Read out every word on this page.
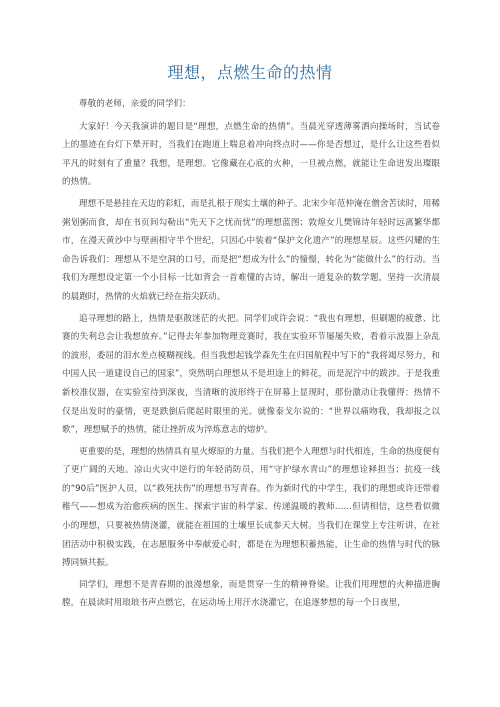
理想，点燃生命的热情

尊敬的老师，亲爱的同学们：

大家好！今天我演讲的题目是“理想，点燃生命的热情”。当晨光穿透薄雾洒向操场时，当试卷上的墨迹在台灯下晕开时，当我们在跑道上喘息着冲向终点时——你是否想过，是什么让这些看似平凡的时刻有了重量？我想，是理想。它像藏在心底的火种，一旦被点燃，就能让生命迸发出璨眼的热情。

理想不是悬挂在天边的彩虹，而是扎根于现实土壤的种子。北宋少年范仲淹在僧舍苦读时，用稀粥划粥而食，却在书页间勾勒出“先天下之忧而忧”的理想蓝图；敦煌女儿樊锦诗年轻时远离繁华都市，在漫天黄沙中与壁画相守半个世纪，只因心中装着“保护文化遗产”的理想星辰。这些闪耀的生命告诉我们：理想从不是空洞的口号，而是把“想成为什么”的憧憬，转化为“能做什么”的行动。当我们为理想设定第一个小目标一比如背会一首难懂的古诗，解出一道复杂的数学题，坚持一次清晨的晨跑时，热情的火焰就已经在指尖跃动。

追寻理想的路上，热情是驱散迷茫的火把。同学们或许会说：“我也有理想，但刷题的疲惫、比赛的失利总会让我想放弃。”记得去年参加物理竞赛时，我在实验环节屡屡失败，看着示波器上杂乱的波形，委屈的泪水差点模糊视线。但当我想起钱学森先生在归国航程中写下的“我将竭尽努力，和中国人民一道建设自己的国家”，突然明白理想从不是坦途上的鲜花，而是泥泞中的跋涉。于是我重新校准仪器，在实验室待到深夜，当清晰的波形终于在屏幕上显现时，那份激动让我懂得：热情不仅是出发时的豪情，更是跌倒后爬起时眼里的光。就像泰戈尔说的：“世界以痛吻我，我却报之以歌”，理想赋予的热情，能让挫折成为淬炼意志的熔炉。

更重要的是，理想的热情具有星火燎原的力量。当我们把个人理想与时代相连，生命的热度便有了更广阔的天地。凉山火灾中逆行的年轻消防员，用“守护绿水青山”的理想诠释担当；抗疫一线的“90后”医护人员，以“救死扶伤”的理想书写青春。作为新时代的中学生，我们的理想或许还带着稚气——想成为治愈疾病的医生、探索宇宙的科学家、传递温暖的教师……但请相信，这些看似微小的理想，只要被热情浇灌，就能在祖国的土壤里长成参天大树。当我们在课堂上专注听讲，在社团活动中积极实践，在志愿服务中奉献爱心时，都是在为理想积蓄热能，让生命的热情与时代的脉搏同频共振。

同学们，理想不是青春期的浪漫想象，而是贯穿一生的精神脊梁。让我们用理想的火种描进胸膛，在晨读时用琅琅书声点燃它，在运动场上用汗水浇灌它，在追逐梦想的每一个日夜里，
